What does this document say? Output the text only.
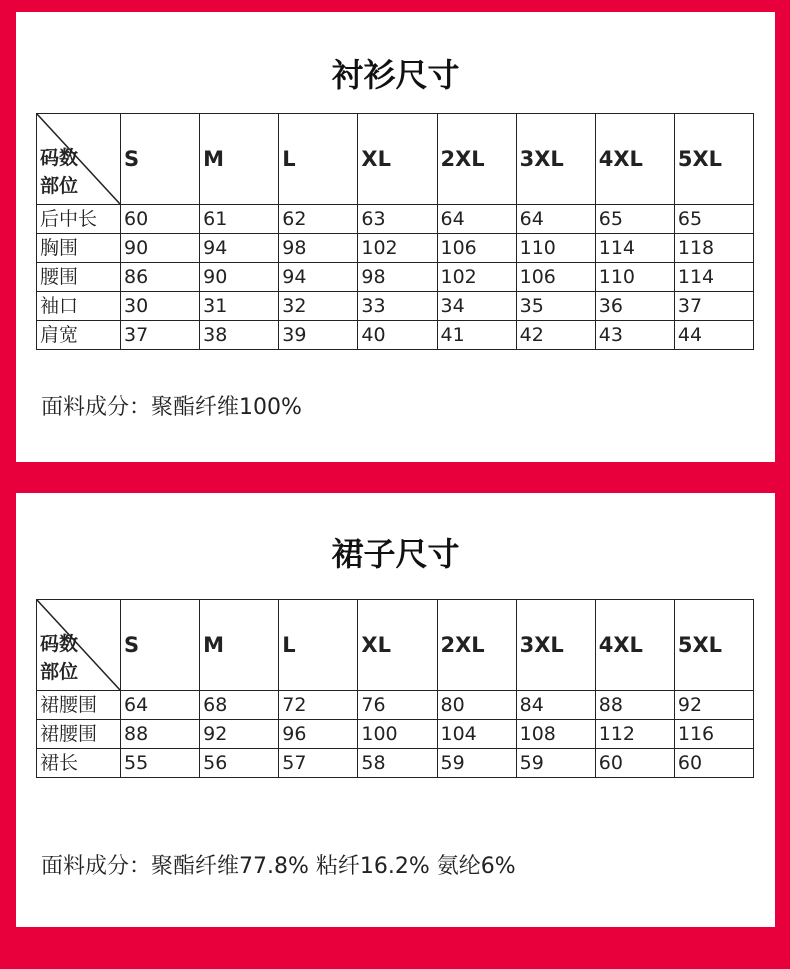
衬衫尺寸
码数
部位	S	M	L	XL	2XL	3XL	4XL	5XL
后中长	60	61	62	63	64	64	65	65
胸围	90	94	98	102	106	110	114	118
腰围	86	90	94	98	102	106	110	114
袖口	30	31	32	33	34	35	36	37
肩宽	37	38	39	40	41	42	43	44
面料成分：聚酯纤维100%
裙子尺寸
码数
部位	S	M	L	XL	2XL	3XL	4XL	5XL
裙腰围	64	68	72	76	80	84	88	92
裙腰围	88	92	96	100	104	108	112	116
裙长	55	56	57	58	59	59	60	60
面料成分：聚酯纤维77.8% 粘纤16.2% 氨纶6%
